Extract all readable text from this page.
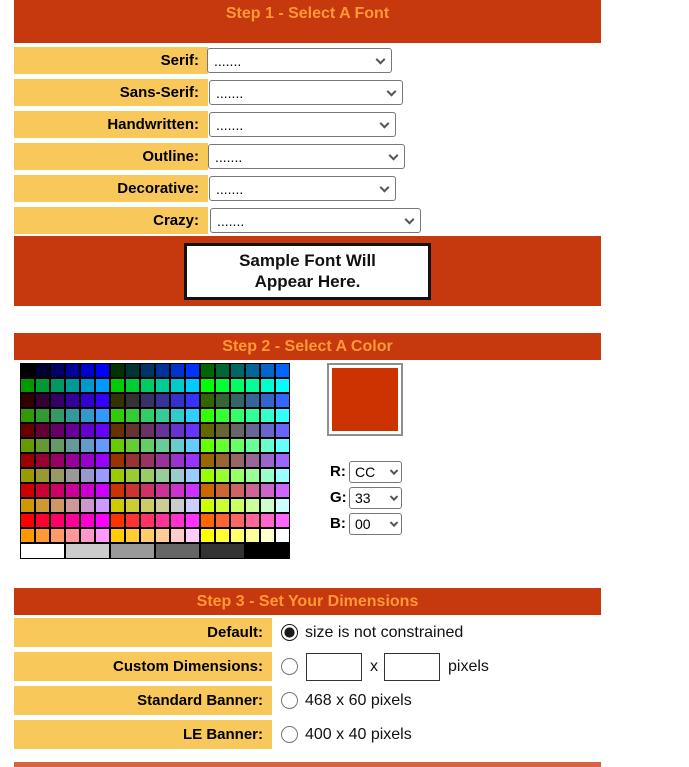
Step 1 - Select A Font
Serif:
.......
Sans-Serif:
.......
Handwritten:
.......
Outline:
.......
Decorative:
.......
Crazy:
.......
Sample Font Will
Appear Here.
Step 2 - Select A Color
R:
CC
G:
33
B:
00
Step 3 - Set Your Dimensions
Default:	size is not constrained
Custom Dimensions:	x	pixels
Standard Banner:	468 x 60 pixels
LE Banner:	400 x 40 pixels
